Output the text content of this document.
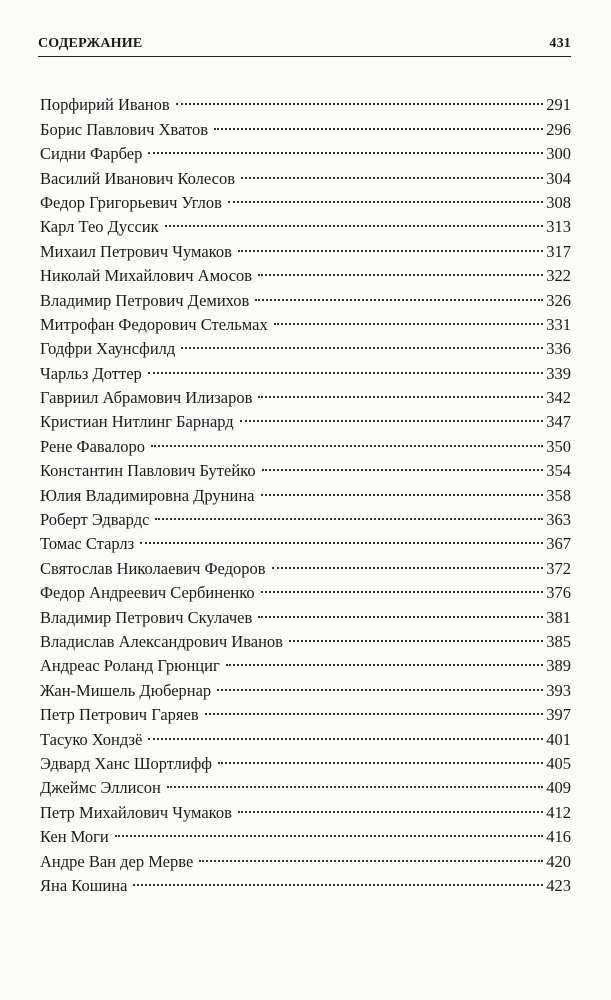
СОДЕРЖАНИЕ	431
Порфирий Иванов	291
Борис Павлович Хватов	296
Сидни Фарбер	300
Василий Иванович Колесов	304
Федор Григорьевич Углов	308
Карл Тео Дуссик	313
Михаил Петрович Чумаков	317
Николай Михайлович Амосов	322
Владимир Петрович Демихов	326
Митрофан Федорович Стельмах	331
Годфри Хаунсфилд	336
Чарльз Доттер	339
Гавриил Абрамович Илизаров	342
Кристиан Нитлинг Барнард	347
Рене Фавалоро	350
Константин Павлович Бутейко	354
Юлия Владимировна Друнина	358
Роберт Эдвардс	363
Томас Старлз	367
Святослав Николаевич Федоров	372
Федор Андреевич Сербиненко	376
Владимир Петрович Скулачев	381
Владислав Александрович Иванов	385
Андреас Роланд Грюнциг	389
Жан-Мишель Дюбернар	393
Петр Петрович Гаряев	397
Тасуко Хондзё	401
Эдвард Ханс Шортлифф	405
Джеймс Эллисон	409
Петр Михайлович Чумаков	412
Кен Моги	416
Андре Ван дер Мерве	420
Яна Кошина	423
